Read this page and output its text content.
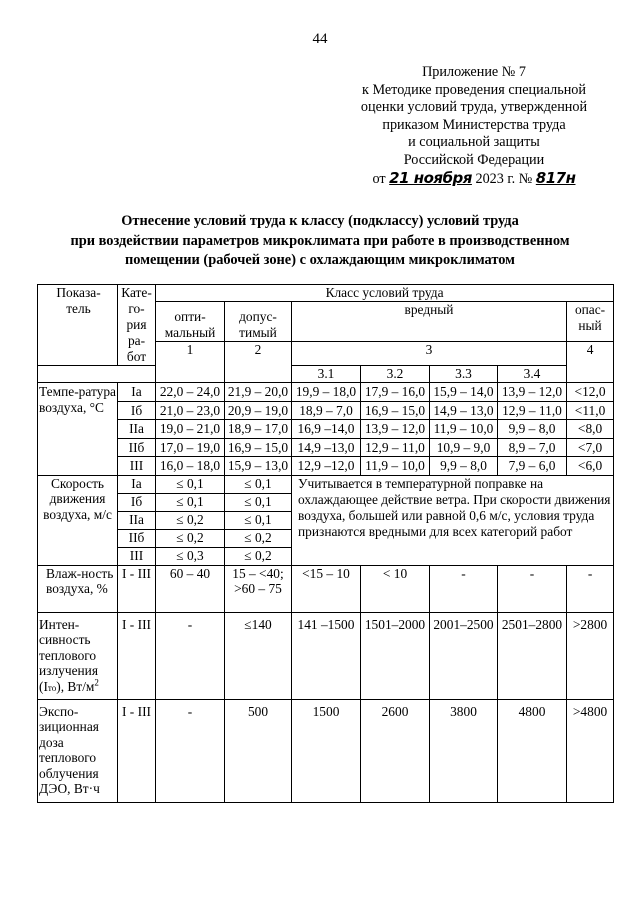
44
Приложение № 7
к Методике проведения специальной
оценки условий труда, утвержденной
приказом Министерства труда
и социальной защиты
Российской Федерации
от 21 ноября 2023 г. № 817н
Отнесение условий труда к классу (подклассу) условий труда
при воздействии параметров микроклимата при работе в производственном
помещении (рабочей зоне) с охлаждающим микроклиматом
Показа-тель	Кате-го-рия ра-бот	Класс условий труда						
		опти-мальный	допус-тимый	вредный				опас-ный

		1	2	3				4
				3.1	3.2	3.3	3.4	
Темпе-ратура воздуха, °C	Ia	22,0 – 24,0	21,9 – 20,0	19,9 – 18,0	17,9 – 16,0	15,9 – 14,0	13,9 – 12,0	<12,0
	Iб	21,0 – 23,0	20,9 – 19,0	18,9 – 7,0	16,9 – 15,0	14,9 – 13,0	12,9 – 11,0	<11,0
	IIa	19,0 – 21,0	18,9 – 17,0	16,9 –14,0	13,9 – 12,0	11,9 – 10,0	9,9 – 8,0	<8,0
	IIб	17,0 – 19,0	16,9 – 15,0	14,9 –13,0	12,9 – 11,0	10,9 – 9,0	8,9 – 7,0	<7,0
	III	16,0 – 18,0	15,9 – 13,0	12,9 –12,0	11,9 – 10,0	9,9 – 8,0	7,9 – 6,0	<6,0
Скорость движения воздуха, м/с	Ia	≤ 0,1	≤ 0,1	Учитывается в температурной поправке на охлаждающее действие ветра. При скорости движения воздуха, большей или равной 0,6 м/с, условия труда признаются вредными для всех категорий работ				
	Iб	≤ 0,1	≤ 0,1					
	IIa	≤ 0,2	≤ 0,1					
	IIб	≤ 0,2	≤ 0,2					
	III	≤ 0,3	≤ 0,2					
Влаж-ность воздуха, %	I - III	60 – 40	15 – <40; >60 – 75	<15 – 10	< 10	-	-	-
Интен-сивность теплового излучения (Iто), $Вт/м^2$	I - III	-	≤140	141 –1500	1501–2000	2001–2500	2501–2800	>2800
Экспо-зиционная доза теплового облучения ДЭО, Вт·ч	I - III	-	500	1500	2600	3800	4800	>4800
